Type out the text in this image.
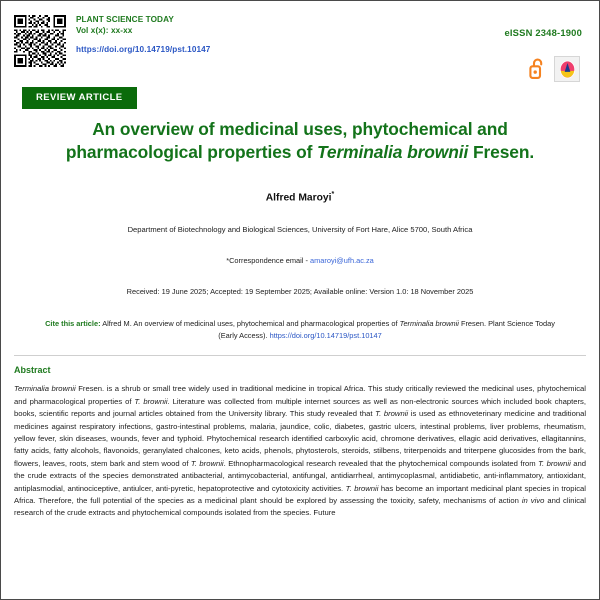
PLANT SCIENCE TODAY
Vol x(x): xx-xx
https://doi.org/10.14719/pst.10147
REVIEW ARTICLE
eISSN 2348-1900
An overview of medicinal uses, phytochemical and
pharmacological properties of Terminalia brownii Fresen.
Alfred Maroyi*
Department of Biotechnology and Biological Sciences, University of Fort Hare, Alice 5700, South Africa
*Correspondence email - amaroyi@ufh.ac.za
Received: 19 June 2025; Accepted: 19 September 2025; Available online: Version 1.0: 18 November 2025
Cite this article: Alfred M. An overview of medicinal uses, phytochemical and pharmacological properties of Terminalia brownii Fresen. Plant Science Today (Early Access). https://doi.org/10.14719/pst.10147
Abstract
Terminalia brownii Fresen. is a shrub or small tree widely used in traditional medicine in tropical Africa. This study critically reviewed the medicinal uses, phytochemical and pharmacological properties of T. brownii. Literature was collected from multiple internet sources as well as non-electronic sources which included book chapters, books, scientific reports and journal articles obtained from the University library. This study revealed that T. brownii is used as ethnoveterinary medicine and traditional medicines against respiratory infections, gastro-intestinal problems, malaria, jaundice, colic, diabetes, gastric ulcers, intestinal problems, liver problems, rheumatism, yellow fever, skin diseases, wounds, fever and typhoid. Phytochemical research identified carboxylic acid, chromone derivatives, ellagic acid derivatives, ellagitannins, fatty acids, fatty alcohols, flavonoids, geranylated chalcones, keto acids, phenols, phytosterols, steroids, stilbens, triterpenoids and triterpene glucosides from the bark, flowers, leaves, roots, stem bark and stem wood of T. brownii. Ethnopharmacological research revealed that the phytochemical compounds isolated from T. brownii and the crude extracts of the species demonstrated antibacterial, antimycobacterial, antifungal, antidiarrheal, antimycoplasmal, antidiabetic, anti-inflammatory, antioxidant, antiplasmodial, antinociceptive, antiulcer, anti-pyretic, hepatoprotective and cytotoxicity activities. T. brownii has become an important medicinal plant species in tropical Africa. Therefore, the full potential of the species as a medicinal plant should be explored by assessing the toxicity, safety, mechanisms of action in vivo and clinical research of the crude extracts and phytochemical compounds isolated from the species. Future
